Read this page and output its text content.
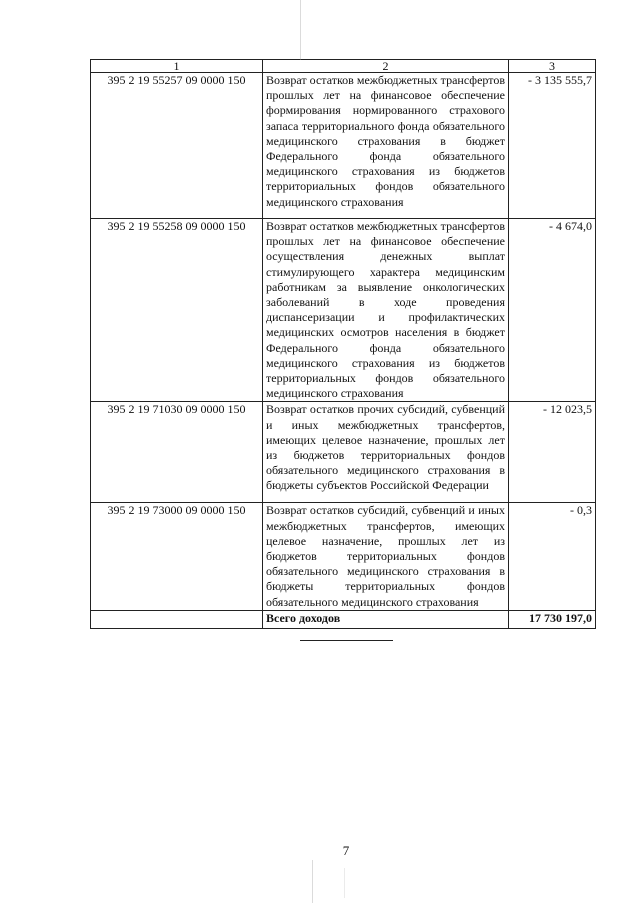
1	2	3
395 2 19 55257 09 0000 150	Возврат остатков межбюджетных трансфертов прошлых лет на финансовое обеспечение формирования нормированного страхового запаса территориального фонда обязательного медицинского страхования в бюджет Федерального фонда обязательного медицинского страхования из бюджетов территориальных фондов обязательного медицинского страхования	- 3 135 555,7
395 2 19 55258 09 0000 150	Возврат остатков межбюджетных трансфертов прошлых лет на финансовое обеспечение осуществления денежных выплат стимулирующего характера медицинским работникам за выявление онкологических заболеваний в ходе проведения диспансеризации и профилактических медицинских осмотров населения в бюджет Федерального фонда обязательного медицинского страхования из бюджетов территориальных фондов обязательного медицинского страхования	- 4 674,0
395 2 19 71030 09 0000 150	Возврат остатков прочих субсидий, субвенций и иных межбюджетных трансфертов, имеющих целевое назначение, прошлых лет из бюджетов территориальных фондов обязательного медицинского страхования в бюджеты субъектов Российской Федерации	- 12 023,5
395 2 19 73000 09 0000 150	Возврат остатков субсидий, субвенций и иных межбюджетных трансфертов, имеющих целевое назначение, прошлых лет из бюджетов территориальных фондов обязательного медицинского страхования в бюджеты территориальных фондов обязательного медицинского страхования	- 0,3
	Всего доходов	17 730 197,0
7
